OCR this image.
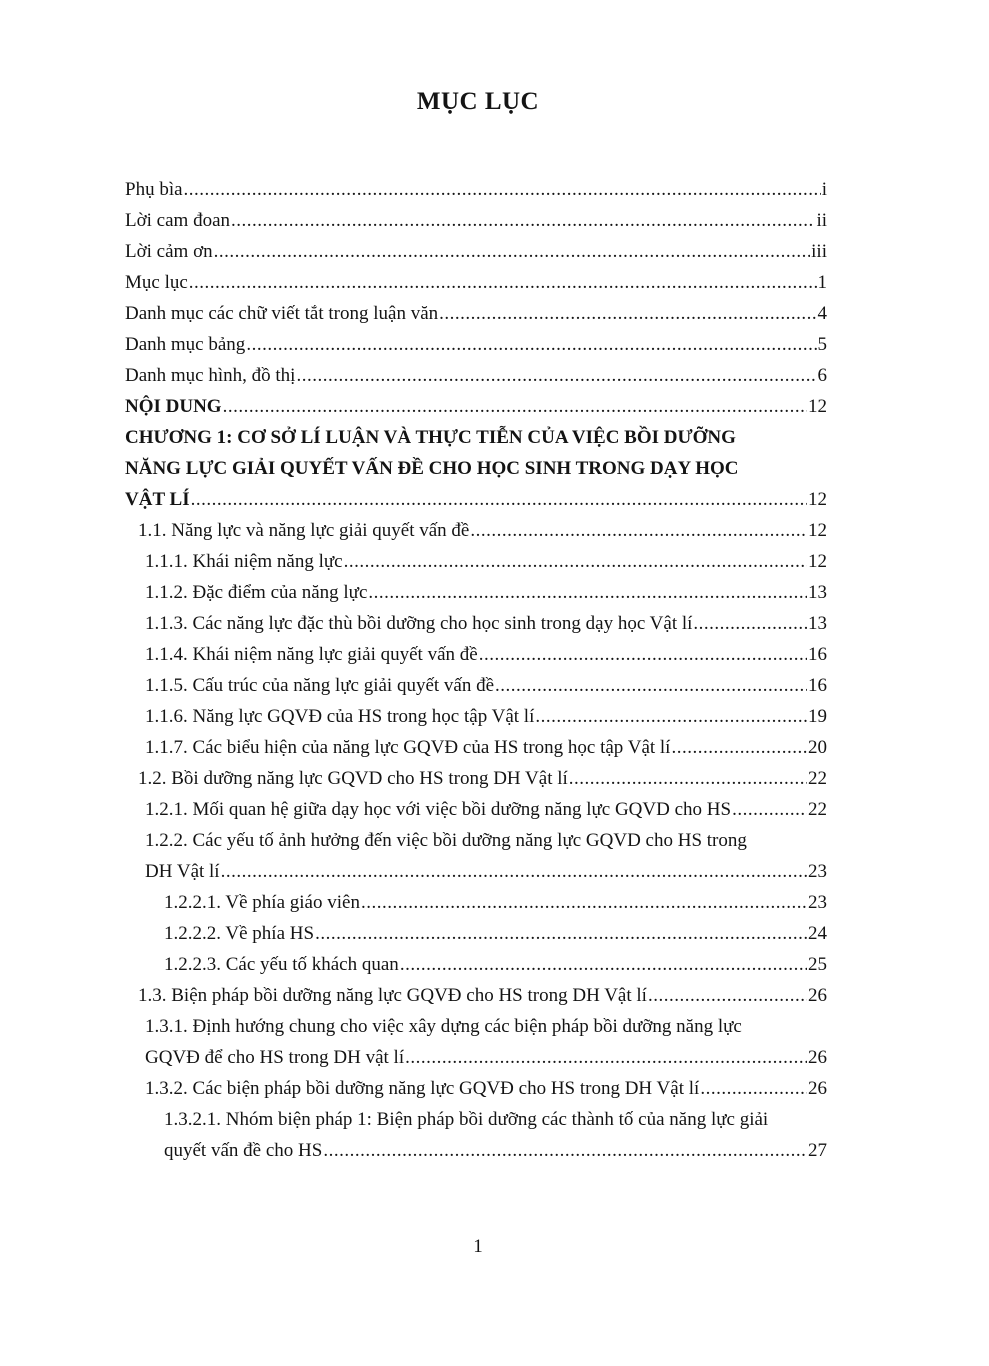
MỤC LỤC
Phụ bìa .....	i
Lời cam đoan .....	ii
Lời cảm ơn .....	iii
Mục lục .....	1
Danh mục các chữ viết tắt trong luận văn .....	4
Danh mục bảng .....	5
Danh mục hình, đồ thị .....	6
NỘI DUNG .....	12
CHƯƠNG 1: CƠ SỞ LÍ LUẬN VÀ THỰC TIỄN CỦA VIỆC BỒI DƯỠNG
NĂNG LỰC GIẢI QUYẾT VẤN ĐỀ CHO HỌC SINH TRONG DẠY HỌC
VẬT LÍ .....	12
1.1. Năng lực và năng lực giải quyết vấn đề .....	12
1.1.1. Khái niệm năng lực .....	12
1.1.2. Đặc điểm của năng lực .....	13
1.1.3. Các năng lực đặc thù bồi dưỡng cho học sinh trong dạy học Vật lí .....	13
1.1.4. Khái niệm năng lực giải quyết vấn đề .....	16
1.1.5. Cấu trúc của năng lực giải quyết vấn đề .....	16
1.1.6. Năng lực GQVĐ của HS trong học tập Vật lí .....	19
1.1.7. Các biểu hiện của năng lực GQVĐ của HS trong học tập Vật lí .....	20
1.2. Bồi dưỡng năng lực GQVD cho HS trong DH Vật lí .....	22
1.2.1. Mối quan hệ giữa dạy học với việc bồi dưỡng năng lực GQVD cho HS .....	22
1.2.2. Các yếu tố ảnh hưởng đến việc bồi dưỡng năng lực GQVD cho HS trong
DH Vật lí .....	23
1.2.2.1. Về phía giáo viên .....	23
1.2.2.2. Về phía HS .....	24
1.2.2.3. Các yếu tố khách quan .....	25
1.3. Biện pháp bồi dưỡng năng lực GQVĐ cho HS trong DH Vật lí .....	26
1.3.1. Định hướng chung cho việc xây dựng các biện pháp bồi dưỡng năng lực
GQVĐ để cho HS trong DH vật lí .....	26
1.3.2. Các biện pháp bồi dưỡng năng lực GQVĐ cho HS trong DH Vật lí .....	26
1.3.2.1. Nhóm biện pháp 1: Biện pháp bồi dưỡng các thành tố của năng lực giải
quyết vấn đề cho HS .....	27
1
